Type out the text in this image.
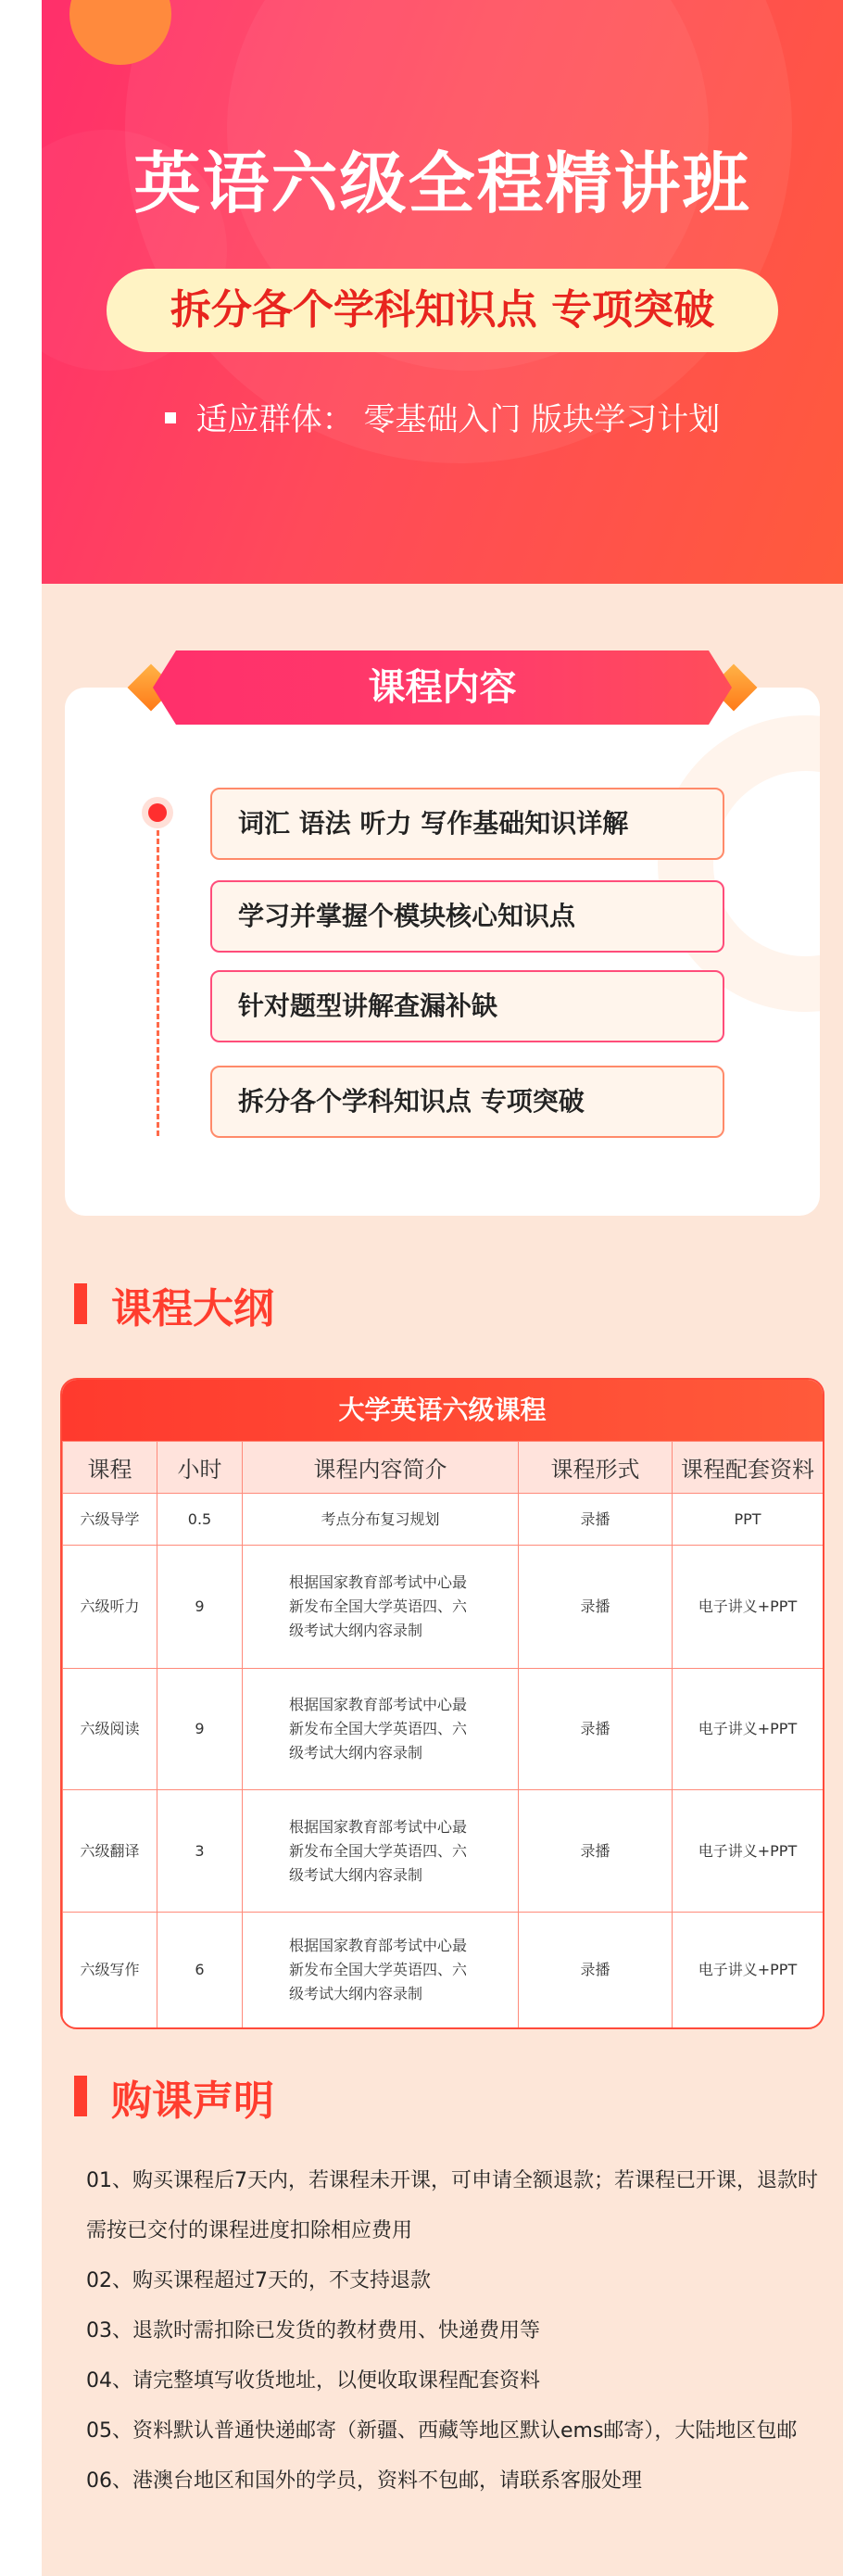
英语六级全程精讲班
拆分各个学科知识点 专项突破
适应群体： 零基础入门 版块学习计划
课程内容
词汇 语法 听力 写作基础知识详解
学习并掌握个模块核心知识点
针对题型讲解查漏补缺
拆分各个学科知识点 专项突破
课程大纲
大学英语六级课程
课程	小时	课程内容简介	课程形式	课程配套资料
六级导学	0.5	考点分布复习规划	录播	PPT
六级听力	9	根据国家教育部考试中心最新发布全国大学英语四、六级考试大纲内容录制	录播	电子讲义+PPT
六级阅读	9	根据国家教育部考试中心最新发布全国大学英语四、六级考试大纲内容录制	录播	电子讲义+PPT
六级翻译	3	根据国家教育部考试中心最新发布全国大学英语四、六级考试大纲内容录制	录播	电子讲义+PPT
六级写作	6	根据国家教育部考试中心最新发布全国大学英语四、六级考试大纲内容录制	录播	电子讲义+PPT
购课声明
01、购买课程后7天内，若课程未开课，可申请全额退款；若课程已开课，退款时
需按已交付的课程进度扣除相应费用
02、购买课程超过7天的，不支持退款
03、退款时需扣除已发货的教材费用、快递费用等
04、请完整填写收货地址，以便收取课程配套资料
05、资料默认普通快递邮寄（新疆、西藏等地区默认ems邮寄），大陆地区包邮
06、港澳台地区和国外的学员，资料不包邮，请联系客服处理
